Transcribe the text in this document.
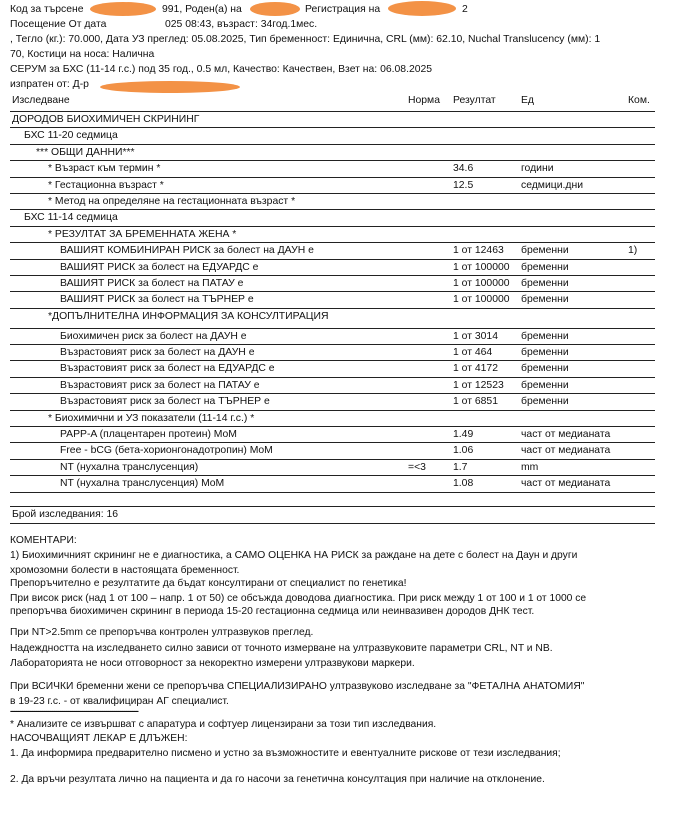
Код за търсене	991, Роден(а) на	Регистрация на	2
Посещение От дата	025 08:43, възраст: 34год.1мес.
, Тегло (кг.): 70.000, Дата УЗ преглед: 05.08.2025, Тип бременност: Единична, CRL (мм): 62.10, Nuchal Translucency (мм): 1
70, Костици на носа: Налична
СЕРУМ за БХС (11-14 г.с.) под 35 год., 0.5 мл, Качество: Качествен, Взет на: 06.08.2025
изпратен от: Д-р
Изследване	Норма Резултат Ед	Ком.
ДОРОДОВ БИОХИМИЧЕН СКРИНИНГ
БХС 11-20 седмица
*** ОБЩИ ДАННИ***
* Възраст към термин *	34.6	години
* Гестационна възраст *	12.5	седмици.дни
* Метод на определяне на гестационната възраст *
БХС 11-14 седмица
* РЕЗУЛТАТ ЗА БРЕМЕННАТА ЖЕНА *
ВАШИЯТ КОМБИНИРАН РИСК за болест на ДАУН е	1 от 12463 бременни	1)
ВАШИЯТ РИСК за болест на ЕДУАРДС е	1 от 100000 бременни
ВАШИЯТ РИСК за болест на ПАТАУ е	1 от 100000 бременни
ВАШИЯТ РИСК за болест на ТЪРНЕР е	1 от 100000 бременни
*ДОПЪЛНИТЕЛНА ИНФОРМАЦИЯ ЗА КОНСУЛТИРАЦИЯ
Биохимичен риск за болест на ДАУН е	1 от 3014 бременни
Възрастовият риск за болест на ДАУН е	1 от 464	бременни
Възрастовият риск за болест на ЕДУАРДС е	1 от 4172 бременни
Възрастовият риск за болест на ПАТАУ е	1 от 12523 бременни
Възрастовият риск за болест на ТЪРНЕР е	1 от 6851 бременни
* Биохимични и УЗ показатели (11-14 г.с.) *
PAPP-A (плацентарен протеин) MoM	1.49	част от медианата
Free - bCG (бета-хорионгонадотропин) MoM	1.06	част от медианата
NT (нухална транслусенция)	=<3	1.7	mm
NT (нухална транслусенция) MoM	1.08	част от медианата
Брой изследвания: 16
КОМЕНТАРИ:
1) Биохимичният скрининг не е диагностика, а САМО ОЦЕНКА НА РИСК за раждане на дете с болест на Даун и други
хромозомни болести в настоящата бременност.
Препоръчително е резултатите да бъдат консултирани от специалист по генетика!
При висок риск (над 1 от 100 – напр. 1 от 50) се обсъжда доводова диагностика. При риск между 1 от 100 и 1 от 1000 се
препоръчва биохимичен скрининг в периода 15-20 гестационна седмица или неинвазивен дородов ДНК тест.
При NT>2.5mm се препоръчва контролен ултразвуков преглед.
Надеждността на изследването силно зависи от точното измерване на ултразвуковите параметри CRL, NT и NB.
Лабораторията не носи отговорност за некоректно измерени ултразвукови маркери.
При ВСИЧКИ бременни жени се препоръчва СПЕЦИАЛИЗИРАНО ултразвуково изследване за "ФЕТАЛНА АНАТОМИЯ"
в 19-23 г.с. - от квалифициран АГ специалист.
----------------------------------------------------------------
* Анализите се извършват с апаратура и софтуер лицензирани за този тип изследвания.
НАСОЧВАЩИЯТ ЛЕКАР Е ДЛЪЖЕН:
1. Да информира предварително писмено и устно за възможностите и евентуалните рискове от тези изследвания;
2. Да връчи резултата лично на пациента и да го насочи за генетична консултация при наличие на отклонение.
